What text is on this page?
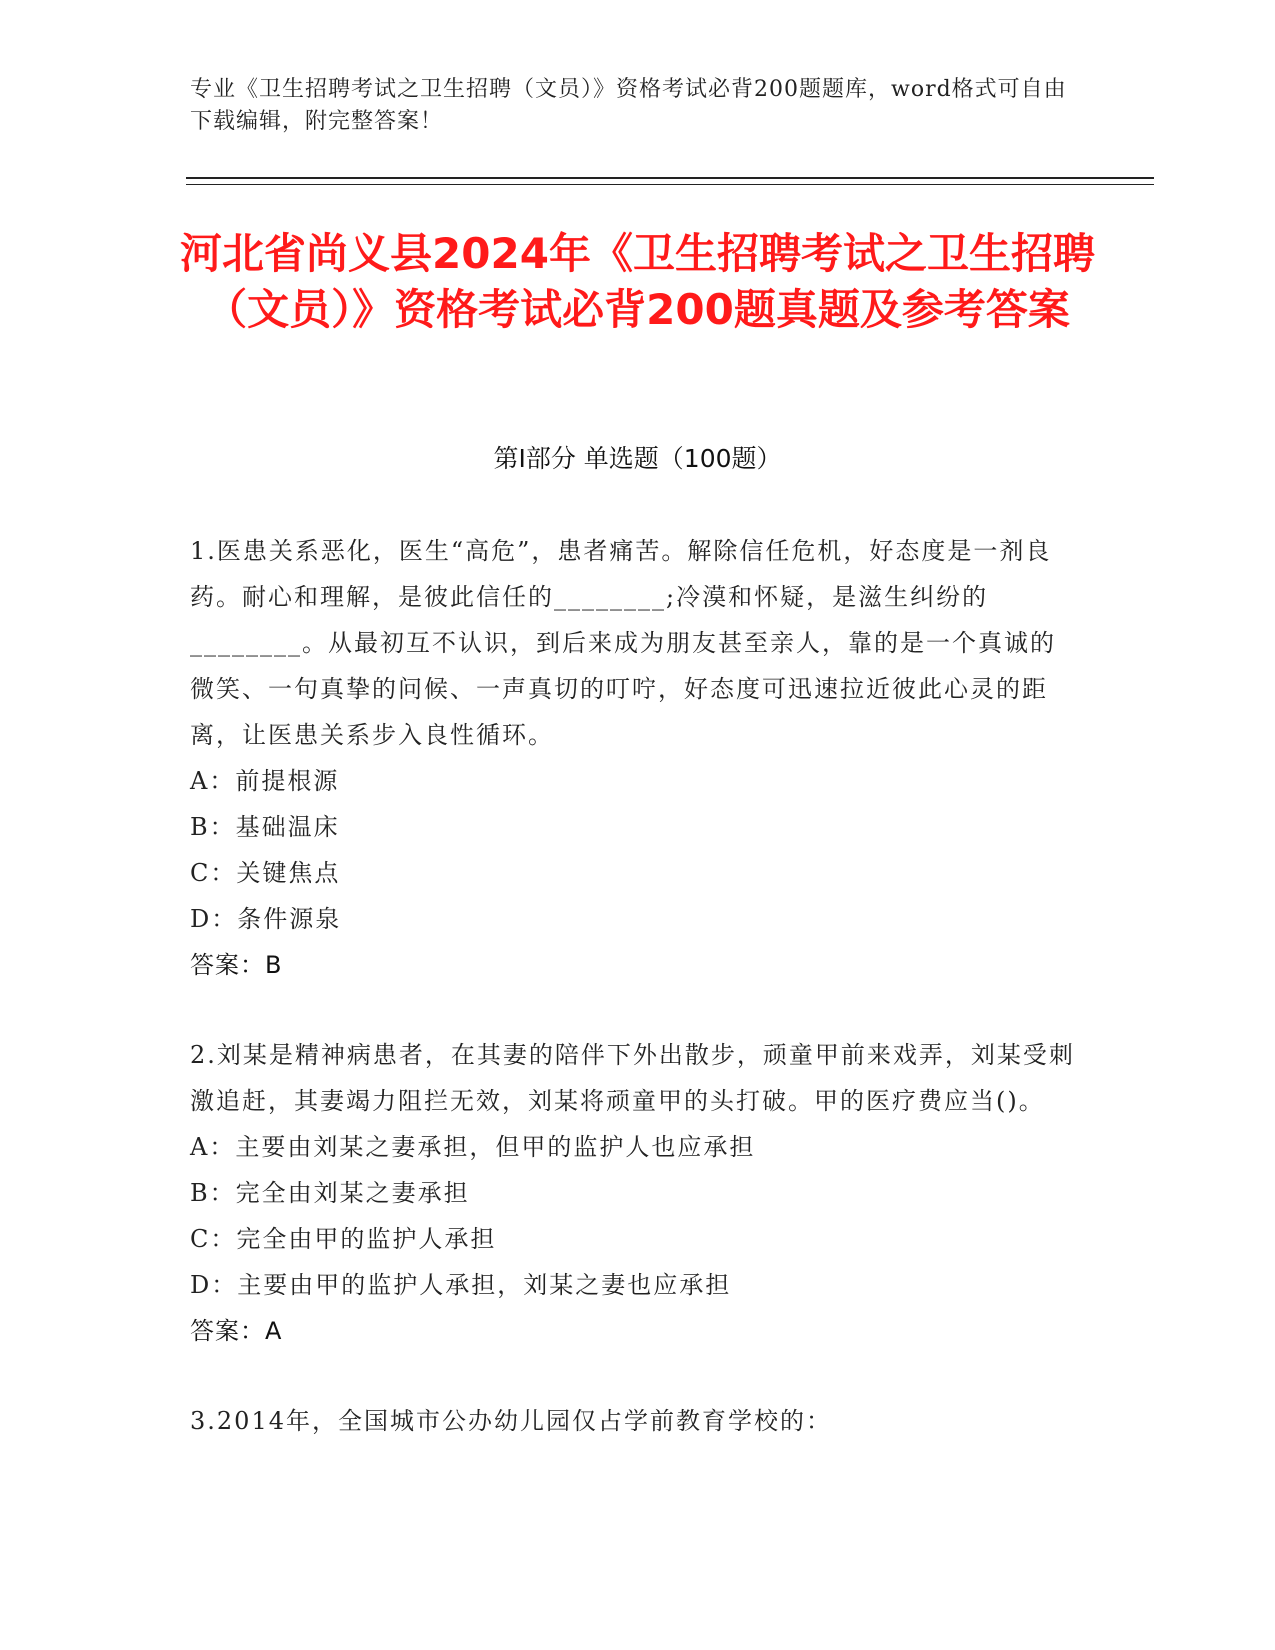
专业《卫生招聘考试之卫生招聘（文员）》资格考试必背200题题库，word格式可自由下载编辑，附完整答案！
河北省尚义县2024年《卫生招聘考试之卫生招聘（文员）》资格考试必背200题真题及参考答案
第Ⅰ部分 单选题（100题）

1.医患关系恶化，医生“高危”，患者痛苦。解除信任危机，好态度是一剂良药。耐心和理解，是彼此信任的________;冷漠和怀疑，是滋生纠纷的________。从最初互不认识，到后来成为朋友甚至亲人，靠的是一个真诚的微笑、一句真挚的问候、一声真切的叮咛，好态度可迅速拉近彼此心灵的距离，让医患关系步入良性循环。

A：前提根源

B：基础温床

C：关键焦点

D：条件源泉

答案：B

2.刘某是精神病患者，在其妻的陪伴下外出散步，顽童甲前来戏弄，刘某受刺激追赶，其妻竭力阻拦无效，刘某将顽童甲的头打破。甲的医疗费应当()。

A：主要由刘某之妻承担，但甲的监护人也应承担

B：完全由刘某之妻承担

C：完全由甲的监护人承担

D：主要由甲的监护人承担，刘某之妻也应承担

答案：A

3.2014年，全国城市公办幼儿园仅占学前教育学校的：
